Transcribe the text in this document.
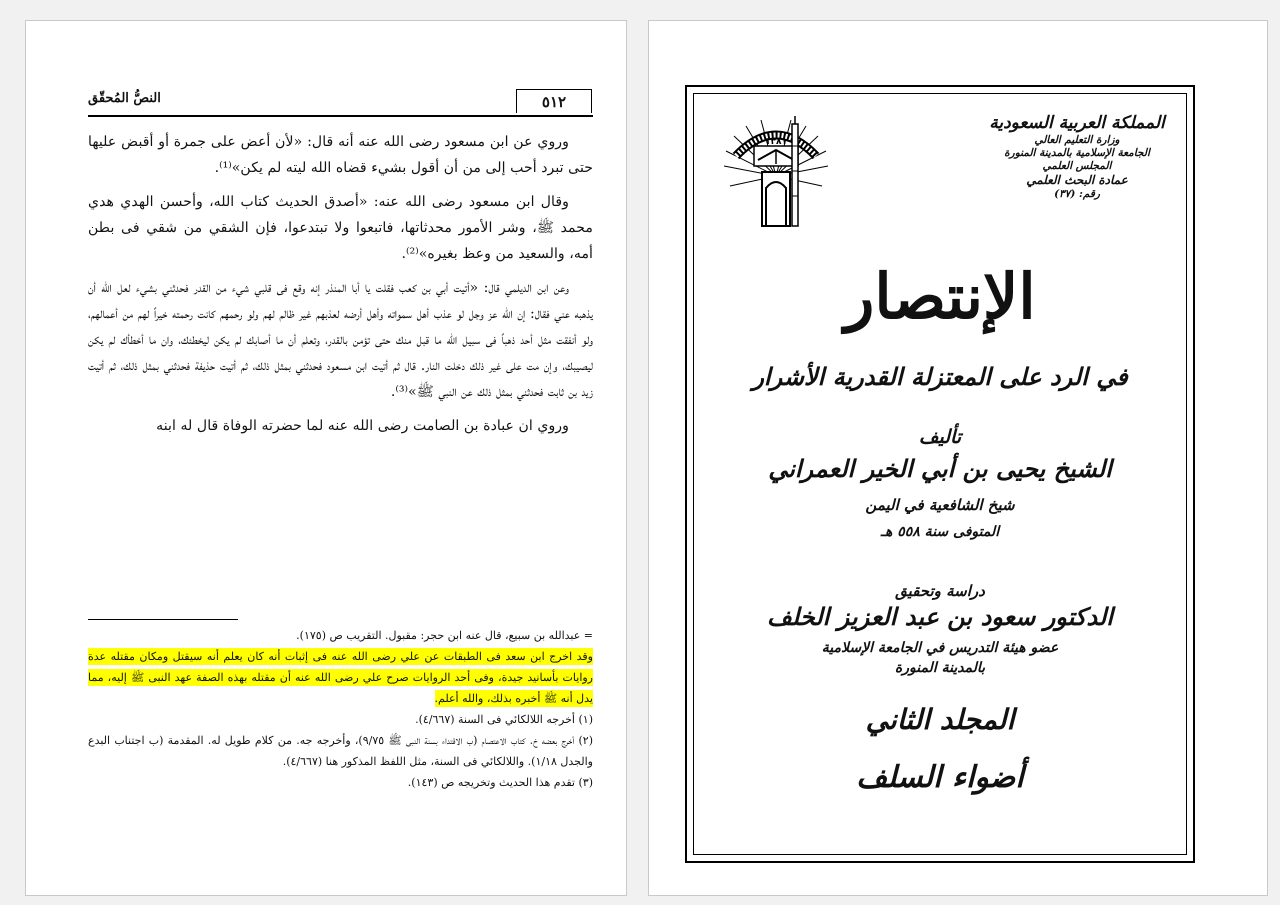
النصُّ المُحقّق	٥١٢

وروي عن ابن مسعود رضى الله عنه أنه قال: «لأن أعض على جمرة أو أقبض عليها حتى تبرد أحب إلى من أن أقول بشيء قضاه الله ليته لم يكن»⁽¹⁾.

وقال ابن مسعود رضى الله عنه: «أصدق الحديث كتاب الله، وأحسن الهدي هدي محمد ﷺ، وشر الأمور محدثاتها، فاتبعوا ولا تبتدعوا، فإن الشقي من شقي فى بطن أمه، والسعيد من وعظ بغيره»⁽²⁾.

وعن ابن الديلمي قال: «أتيت أبي بن كعب فقلت يا أبا المنذر إنه وقع فى قلبي شيء من القدر فحدثني بشيء لعل الله أن يذهبه عني فقال: إن الله عز وجل لو عذب أهل سمواته وأهل أرضه لعذبهم غير ظالم لهم ولو رحمهم كانت رحمته خيراً لهم من أعمالهم، ولو أنفقت مثل أحد ذهباً فى سبيل الله ما قبل منك حتى تؤمن بالقدر، وتعلم أن ما أصابك لم يكن ليخطئك، وان ما أخطأك لم يكن ليصيبك، وإن مت على غير ذلك دخلت النار. قال ثم أتيت ابن مسعود فحدثني بمثل ذلك، ثم أتيت حذيفة فحدثني بمثل ذلك، ثم أتيت زيد بن ثابت فحدثني بمثل ذلك عن النبي ﷺ»⁽³⁾.

وروي ان عبادة بن الصامت رضى الله عنه لما حضرته الوفاة قال له ابنه

= عبدالله بن سبيع، قال عنه ابن حجر: مقبول. التقريب ص (١٧٥).

وقد اخرج ابن سعد فى الطبقات عن علي رضى الله عنه فى إثبات أنه كان يعلم أنه سيقتل ومكان مقتله عدة روايات بأسانيد جيدة، وفى أحد الروايات صرح علي رضى الله عنه أن مقتله بهذه الصفة عهد النبى ﷺ إليه، مما يدل أنه ﷺ أخبره بذلك، والله أعلم.

(١) أخرجه اللالكائي فى السنة (٤/٦٦٧).

(٢) أخرج بعضه خ. كتاب الاعتصام (ب الاقتداء بسنة النبى ﷺ ٩/٧٥)، وأخرجه جه. من كلام طويل له. المقدمة (ب اجتناب البدع والجدل ١/١٨). واللالكائي فى السنة، مثل اللفظ المذكور هنا (٤/٦٦٧).

(٣) تقدم هذا الحديث وتخريجه ص (١٤٣).

المملكة العربية السعودية
وزارة التعليم العالي
الجامعة الإسلامية بالمدينة المنورة
المجلس العلمي
عمادة البحث العلمي
رقم: (٣٧)
١٣٨١
الإنتصار
في الرد على المعتزلة القدرية الأشرار
تأليف
الشيخ يحيى بن أبي الخير العمراني
شيخ الشافعية في اليمن
المتوفى سنة ٥٥٨ هـ
دراسة وتحقيق
الدكتور سعود بن عبد العزيز الخلف
عضو هيئة التدريس في الجامعة الإسلامية
بالمدينة المنورة
المجلد الثاني
أضواء السلف
